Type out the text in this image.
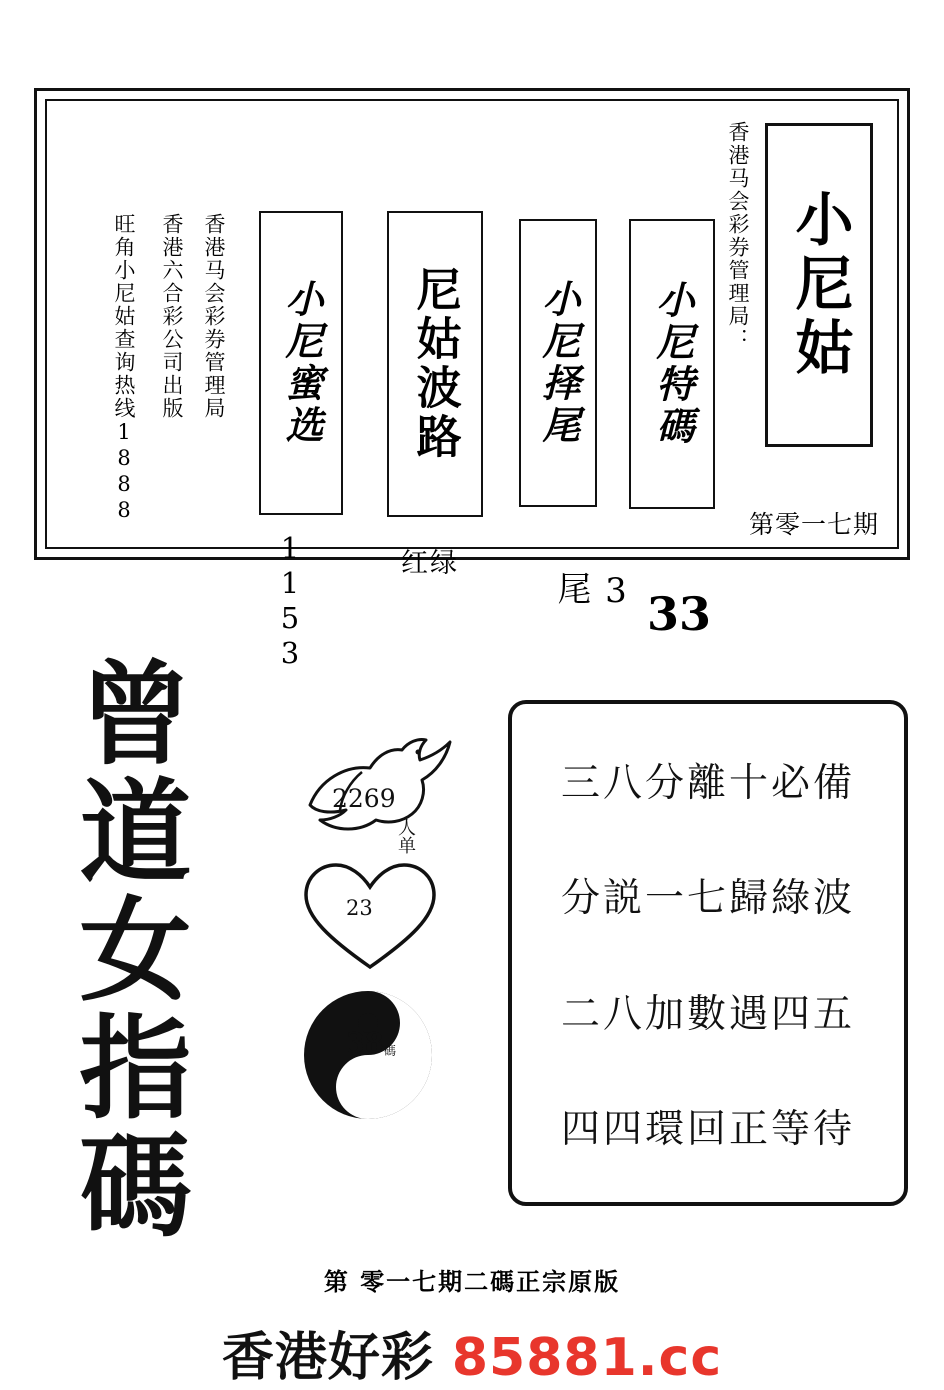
小尼姑
香港马会彩券管理局：
第零一七期
小尼特碼
33
小尼择尾
3尾
尼姑波路
红绿
小尼蜜选
1153
香港马会彩券管理局
香港六合彩公司出版
旺角小尼姑查询热线1888
曾道女指碼	2269
人单
23
38 碼
三八分離十必備
分説一七歸綠波
二八加數遇四五
四四環回正等待
第 零一七期二碼正宗原版
香港好彩 85881.cc
